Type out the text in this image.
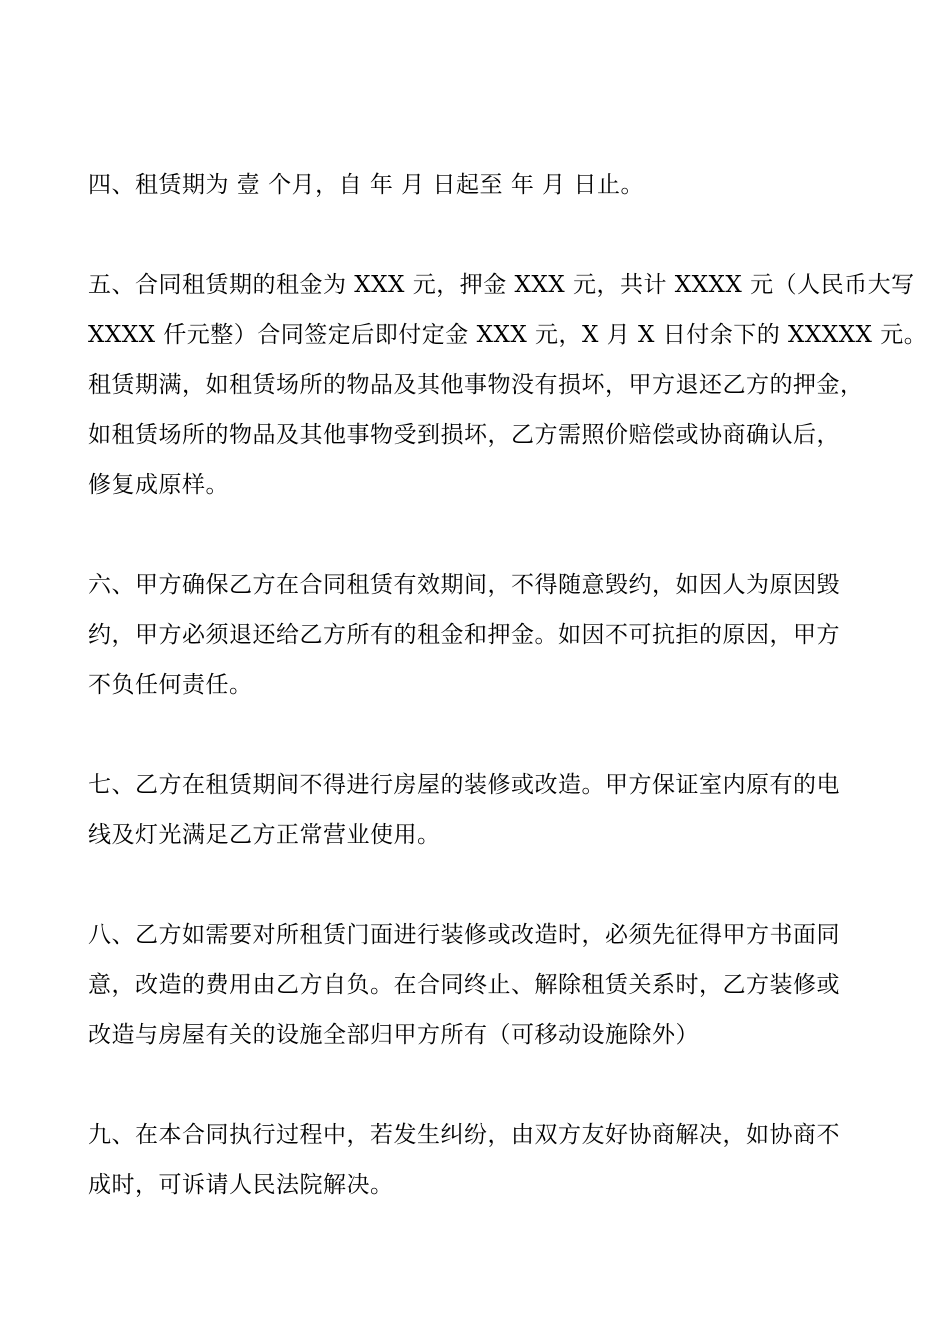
四、租赁期为 壹 个月，自 年 月 日起至 年 月 日止。

五、合同租赁期的租金为 XXX 元，押金 XXX 元，共计 XXXX 元（人民币大写
XXXX 仟元整）合同签定后即付定金 XXX 元，X 月 X 日付余下的 XXXXX 元。
租赁期满，如租赁场所的物品及其他事物没有损坏，甲方退还乙方的押金，
如租赁场所的物品及其他事物受到损坏，乙方需照价赔偿或协商确认后，
修复成原样。

六、甲方确保乙方在合同租赁有效期间，不得随意毁约，如因人为原因毁
约，甲方必须退还给乙方所有的租金和押金。如因不可抗拒的原因，甲方
不负任何责任。

七、乙方在租赁期间不得进行房屋的装修或改造。甲方保证室内原有的电
线及灯光满足乙方正常营业使用。

八、乙方如需要对所租赁门面进行装修或改造时，必须先征得甲方书面同
意，改造的费用由乙方自负。在合同终止、解除租赁关系时，乙方装修或
改造与房屋有关的设施全部归甲方所有（可移动设施除外）

九、在本合同执行过程中，若发生纠纷，由双方友好协商解决，如协商不
成时，可诉请人民法院解决。
